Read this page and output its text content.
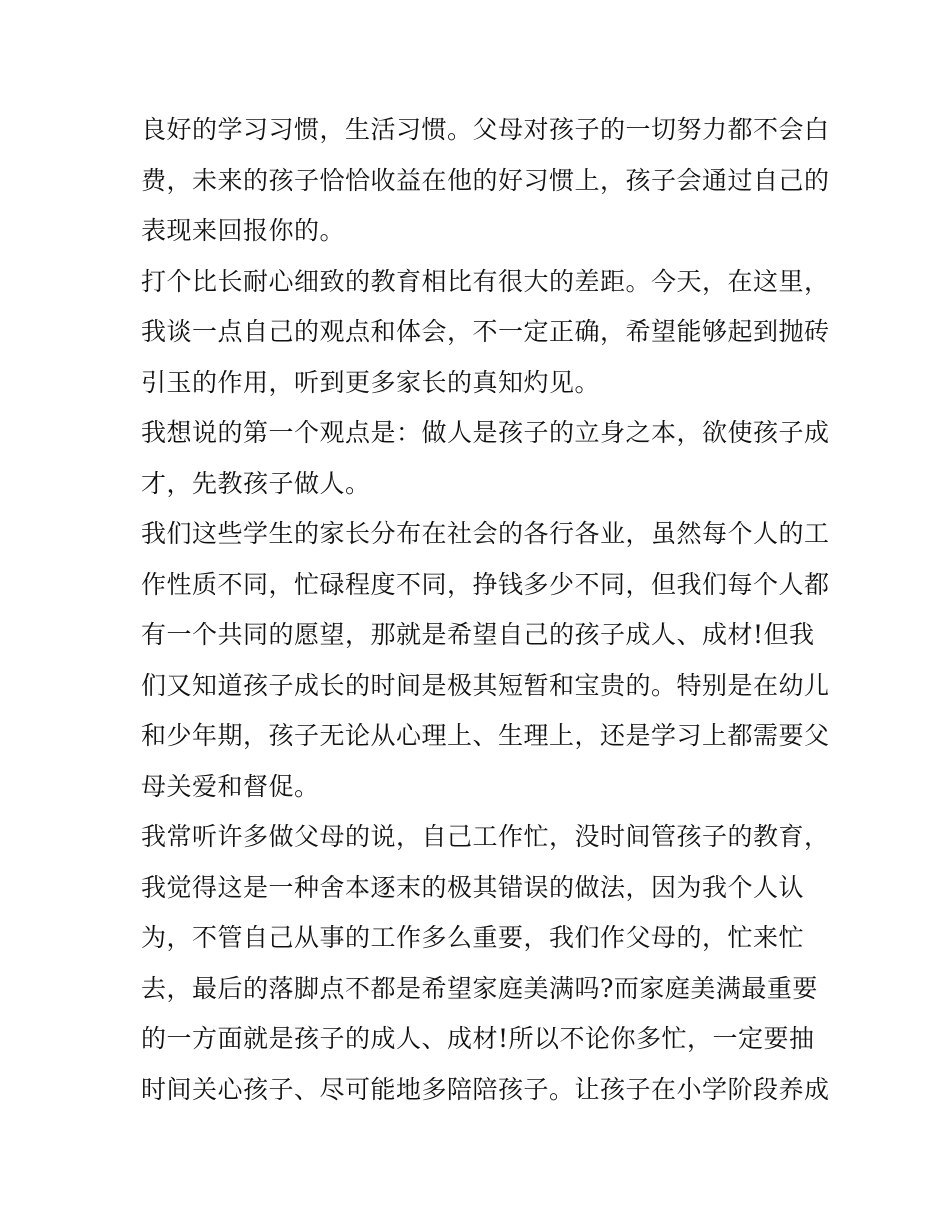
良好的学习习惯，生活习惯。父母对孩子的一切努力都不会白
费，未来的孩子恰恰收益在他的好习惯上，孩子会通过自己的
表现来回报你的。
打个比长耐心细致的教育相比有很大的差距。今天，在这里，
我谈一点自己的观点和体会，不一定正确，希望能够起到抛砖
引玉的作用，听到更多家长的真知灼见。
我想说的第一个观点是：做人是孩子的立身之本，欲使孩子成
才，先教孩子做人。
我们这些学生的家长分布在社会的各行各业，虽然每个人的工
作性质不同，忙碌程度不同，挣钱多少不同，但我们每个人都
有一个共同的愿望，那就是希望自己的孩子成人、成材!但我
们又知道孩子成长的时间是极其短暂和宝贵的。特别是在幼儿
和少年期，孩子无论从心理上、生理上，还是学习上都需要父
母关爱和督促。
我常听许多做父母的说，自己工作忙，没时间管孩子的教育，
我觉得这是一种舍本逐末的极其错误的做法，因为我个人认
为，不管自己从事的工作多么重要，我们作父母的，忙来忙
去，最后的落脚点不都是希望家庭美满吗?而家庭美满最重要
的一方面就是孩子的成人、成材!所以不论你多忙，一定要抽
时间关心孩子、尽可能地多陪陪孩子。让孩子在小学阶段养成
